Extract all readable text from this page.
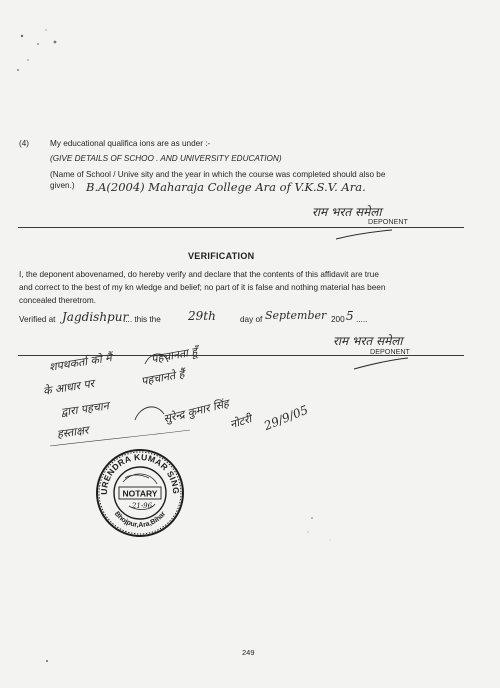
(4)	My educational qualifica ions are as under :-
(GIVE DETAILS OF SCHOO . AND UNIVERSITY EDUCATION)
(Name of School / Unive sity and the year in which the course was completed should also be
given.) B.A(2004) Maharaja College Ara of V.K.S.V. Ara.
राम भरत समेला
DEPONENT
VERIFICATION
I, the deponent abovenamed, do hereby verify and declare that the contents of this affidavit are true
and correct to the best of my kn wledge and belief; no part of it is false and nothing material has been
concealed theretrom.
Verified at Jagdishpur
.... this the 29th	day of September 200 5 .....
राम भरत समेला
DEPONENT
शपथकर्ता को मैं	पहचानता हूँ
के आधार पर	पहचानते हैं
द्वारा पहचान
हस्ताक्षर
सुरेन्द्र कुमार सिंह
नोटरी 29/9/05
SURENDRA KUMAR SINGH
Bhojpur,Ara,Bihar
NOTARY
21-96
249
